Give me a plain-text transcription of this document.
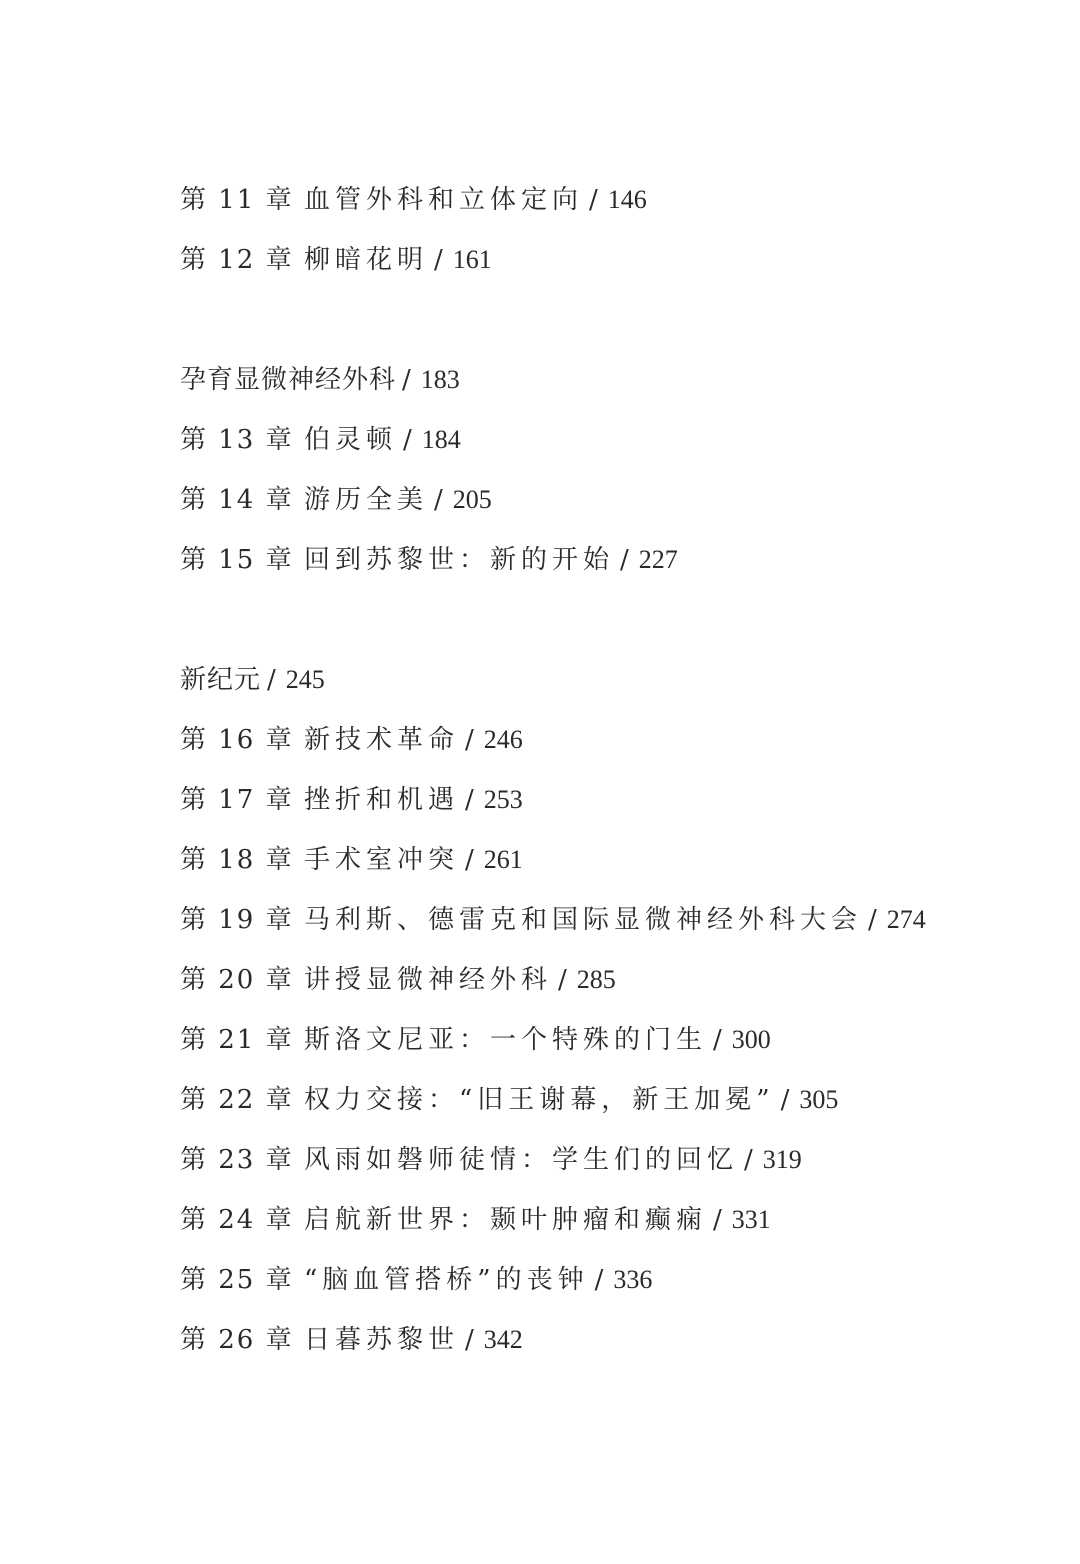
第 11 章 血管外科和立体定向 / 146
第 12 章 柳暗花明 / 161
孕育显微神经外科 / 183
第 13 章 伯灵顿 / 184
第 14 章 游历全美 / 205
第 15 章 回到苏黎世：新的开始 / 227
新纪元 / 245
第 16 章 新技术革命 / 246
第 17 章 挫折和机遇 / 253
第 18 章 手术室冲突 / 261
第 19 章 马利斯、德雷克和国际显微神经外科大会 / 274
第 20 章 讲授显微神经外科 / 285
第 21 章 斯洛文尼亚：一个特殊的门生 / 300
第 22 章 权力交接：“旧王谢幕，新王加冕” / 305
第 23 章 风雨如磐师徒情：学生们的回忆 / 319
第 24 章 启航新世界：颞叶肿瘤和癫痫 / 331
第 25 章 “脑血管搭桥”的丧钟 / 336
第 26 章 日暮苏黎世 / 342
